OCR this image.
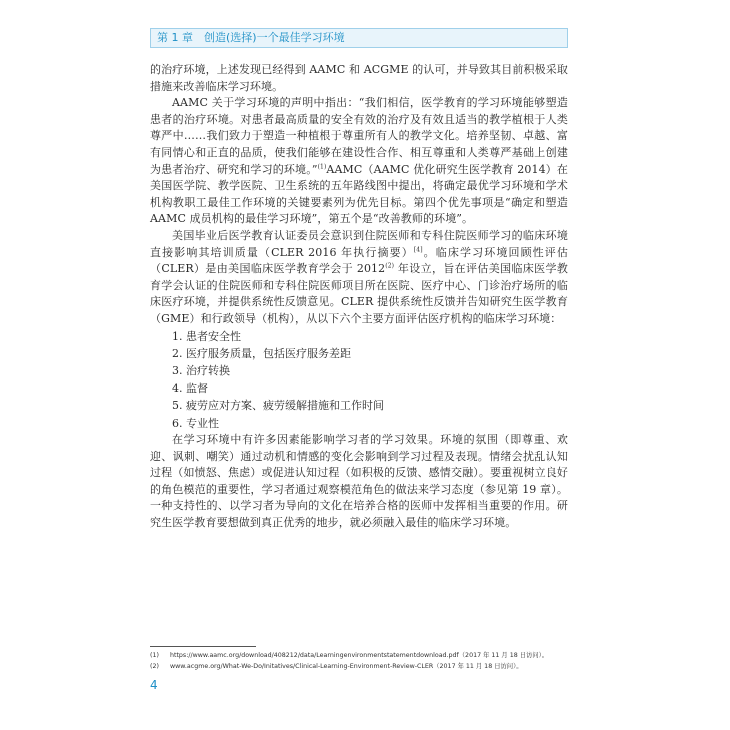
第 1 章　创造(选择)一个最佳学习环境

的治疗环境，上述发现已经得到 AAMC 和 ACGME 的认可，并导致其目前积极采取措施来改善临床学习环境。

AAMC 关于学习环境的声明中指出：“我们相信，医学教育的学习环境能够塑造患者的治疗环境。对患者最高质量的安全有效的治疗及有效且适当的教学植根于人类尊严中……我们致力于塑造一种植根于尊重所有人的教学文化。培养坚韧、卓越、富有同情心和正直的品质，使我们能够在建设性合作、相互尊重和人类尊严基础上创建为患者治疗、研究和学习的环境。”$^{(1)}$AAMC（AAMC 优化研究生医学教育 2014）在美国医学院、教学医院、卫生系统的五年路线图中提出，将确定最优学习环境和学术机构教职工最佳工作环境的关键要素列为优先目标。第四个优先事项是“确定和塑造 AAMC 成员机构的最佳学习环境”，第五个是“改善教师的环境”。

美国毕业后医学教育认证委员会意识到住院医师和专科住院医师学习的临床环境直接影响其培训质量（CLER 2016 年执行摘要）[4]。临床学习环境回顾性评估（CLER）是由美国临床医学教育学会于 2012$^{(2)}$ 年设立，旨在评估美国临床医学教育学会认证的住院医师和专科住院医师项目所在医院、医疗中心、门诊治疗场所的临床医疗环境，并提供系统性反馈意见。CLER 提供系统性反馈并告知研究生医学教育（GME）和行政领导（机构），从以下六个主要方面评估医疗机构的临床学习环境：

1. 患者安全性
2. 医疗服务质量，包括医疗服务差距
3. 治疗转换
4. 监督
5. 疲劳应对方案、疲劳缓解措施和工作时间
6. 专业性

在学习环境中有许多因素能影响学习者的学习效果。环境的氛围（即尊重、欢迎、讽刺、嘲笑）通过动机和情感的变化会影响到学习过程及表现。情绪会扰乱认知过程（如愤怒、焦虑）或促进认知过程（如积极的反馈、感情交融）。要重视树立良好的角色模范的重要性，学习者通过观察模范角色的做法来学习态度（参见第 19 章）。一种支持性的、以学习者为导向的文化在培养合格的医师中发挥相当重要的作用。研究生医学教育要想做到真正优秀的地步，就必须融入最佳的临床学习环境。

(1) https://www.aamc.org/download/408212/data/Learningenvironmentstatementdownload.pdf（2017 年 11 月 18 日访问）。
(2) www.acgme.org/What-We-Do/Initatives/Clinical-Learning-Environment-Review-CLER（2017 年 11 月 18 日访问）。
4
